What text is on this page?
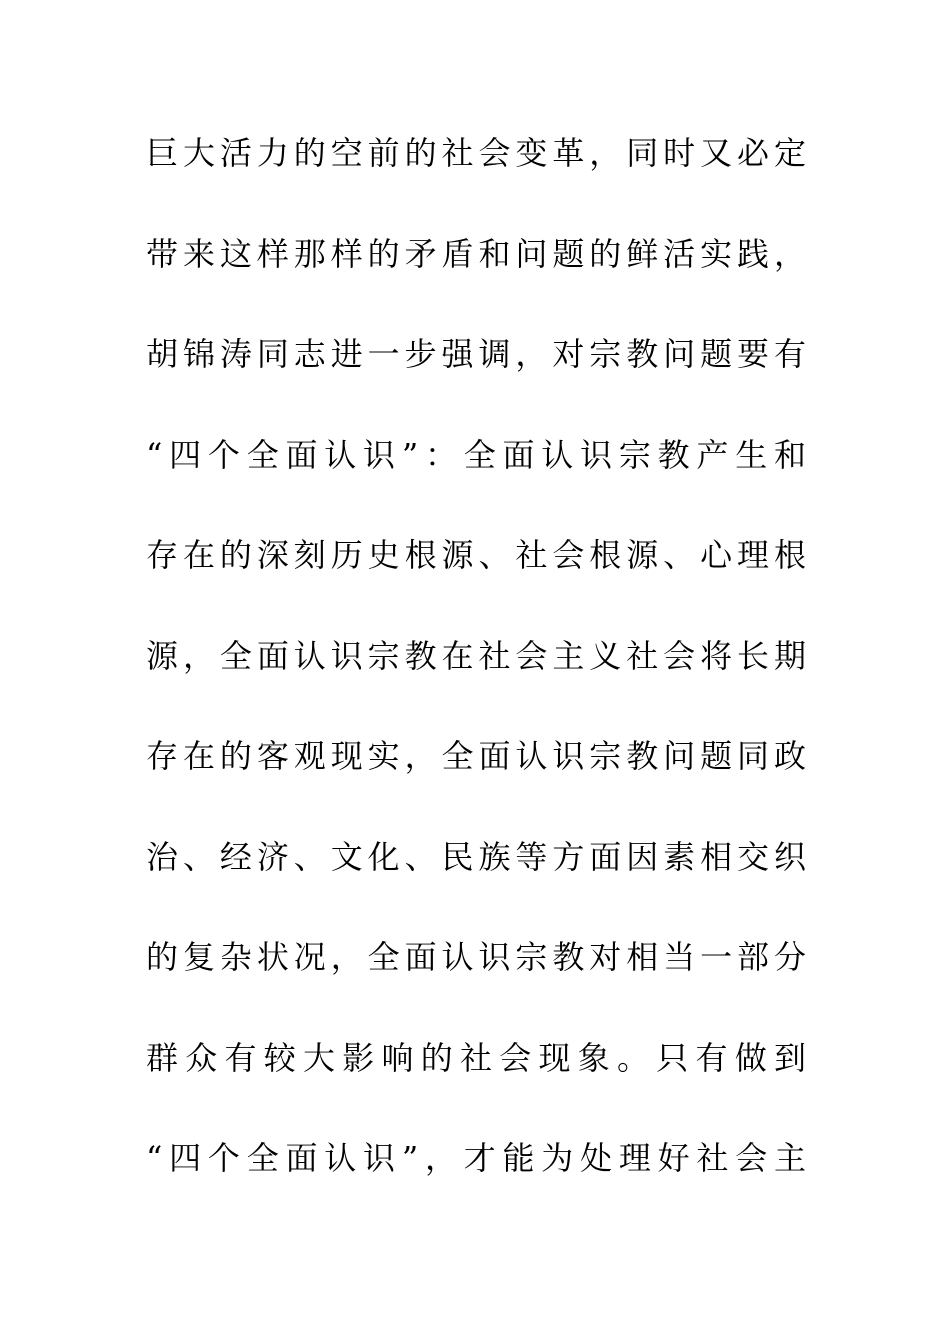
巨大活力的空前的社会变革，同时又必定
带来这样那样的矛盾和问题的鲜活实践，
胡锦涛同志进一步强调，对宗教问题要有
“四个全面认识”：全面认识宗教产生和
存在的深刻历史根源、社会根源、心理根
源，全面认识宗教在社会主义社会将长期
存在的客观现实，全面认识宗教问题同政
治、经济、文化、民族等方面因素相交织
的复杂状况，全面认识宗教对相当一部分
群众有较大影响的社会现象。只有做到
“四个全面认识”，才能为处理好社会主
